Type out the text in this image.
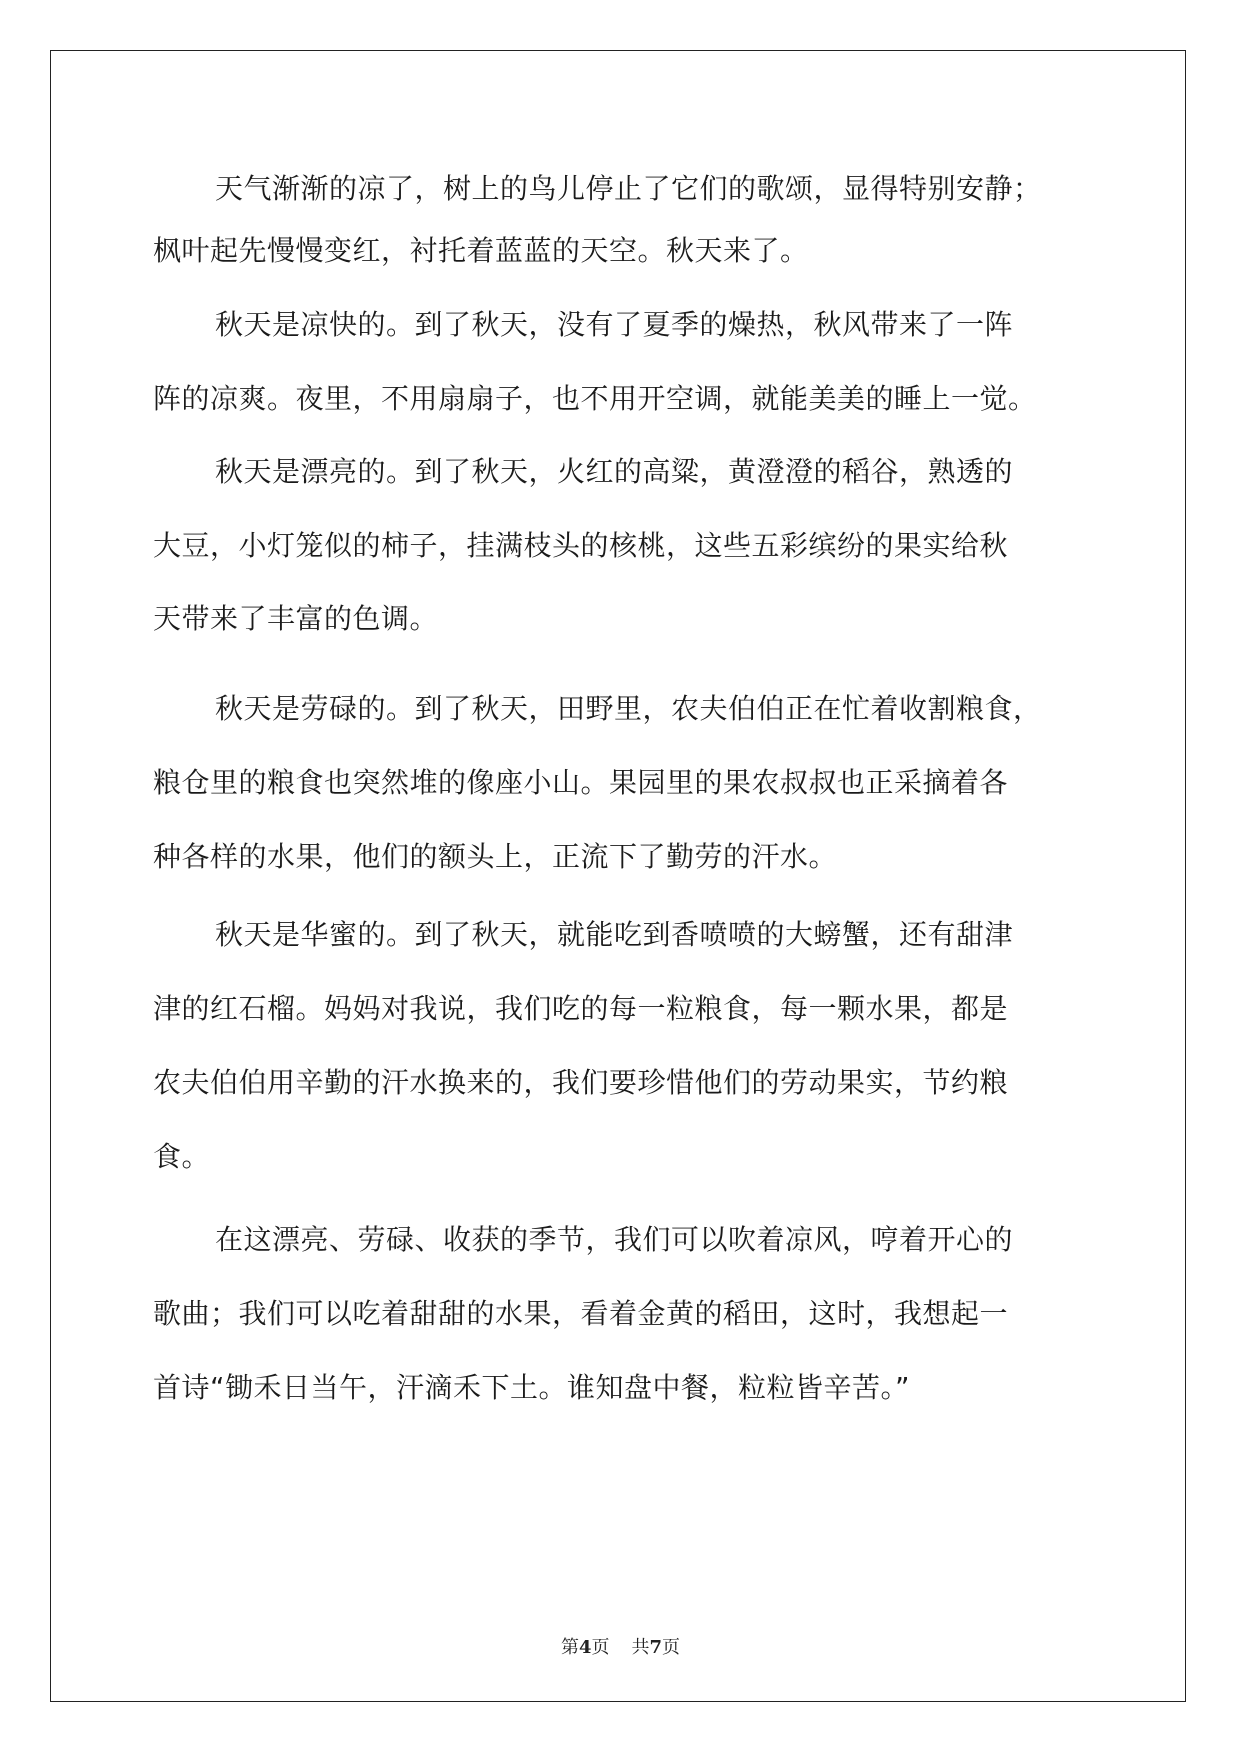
天气渐渐的凉了，树上的鸟儿停止了它们的歌颂，显得特别安静；
枫叶起先慢慢变红，衬托着蓝蓝的天空。秋天来了。
秋天是凉快的。到了秋天，没有了夏季的燥热，秋风带来了一阵
阵的凉爽。夜里，不用扇扇子，也不用开空调，就能美美的睡上一觉。
秋天是漂亮的。到了秋天，火红的高粱，黄澄澄的稻谷，熟透的
大豆，小灯笼似的柿子，挂满枝头的核桃，这些五彩缤纷的果实给秋
天带来了丰富的色调。
秋天是劳碌的。到了秋天，田野里，农夫伯伯正在忙着收割粮食，
粮仓里的粮食也突然堆的像座小山。果园里的果农叔叔也正采摘着各
种各样的水果，他们的额头上，正流下了勤劳的汗水。
秋天是华蜜的。到了秋天，就能吃到香喷喷的大螃蟹，还有甜津
津的红石榴。妈妈对我说，我们吃的每一粒粮食，每一颗水果，都是
农夫伯伯用辛勤的汗水换来的，我们要珍惜他们的劳动果实，节约粮
食。
在这漂亮、劳碌、收获的季节，我们可以吹着凉风，哼着开心的
歌曲；我们可以吃着甜甜的水果，看着金黄的稻田，这时，我想起一
首诗“锄禾日当午，汗滴禾下土。谁知盘中餐，粒粒皆辛苦。”
第4页 共7页
